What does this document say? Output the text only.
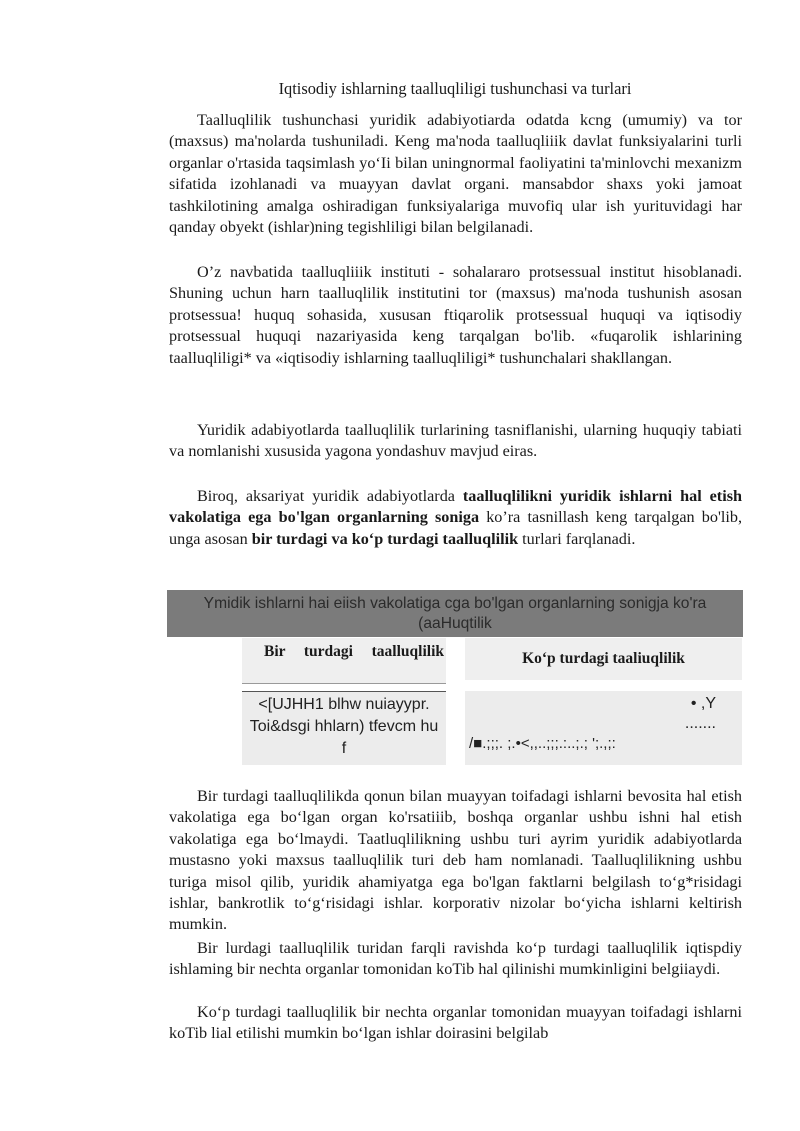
Iqtisodiy ishlarning taalluqliligi tushunchasi va turlari
Taalluqlilik tushunchasi yuridik adabiyotiarda odatda kcng (umumiy) va tor (maxsus) ma'nolarda tushuniladi. Keng ma'noda taalluqliiik davlat funksiyalarini turli organlar o'rtasida taqsimlash yo‘Ii bilan uningnormal faoliyatini ta'minlovchi mexanizm sifatida izohlanadi va muayyan davlat organi. mansabdor shaxs yoki jamoat tashkilotining amalga oshiradigan funksiyalariga muvofiq ular ish yurituvidagi har qanday obyekt (ishlar)ning tegishliligi bilan belgilanadi.
O’z navbatida taalluqliiik instituti - sohalararo protsessual institut hisoblanadi. Shuning uchun harn taalluqlilik institutini tor (maxsus) ma'noda tushunish asosan protsessua! huquq sohasida, xususan ftiqarolik protsessual huquqi va iqtisodiy protsessual huquqi nazariyasida keng tarqalgan bo'lib. «fuqarolik ishlarining taalluqliligi* va «iqtisodiy ishlarning taalluqliligi* tushunchalari shakllangan.
Yuridik adabiyotlarda taalluqlilik turlarining tasniflanishi, ularning huquqiy tabiati va nomlanishi xususida yagona yondashuv mavjud eiras.
Biroq, aksariyat yuridik adabiyotlarda taalluqlilikni yuridik ishlarni hal etish vakolatiga ega bo'lgan organlarning soniga ko’ra tasnillash keng tarqalgan bo'lib, unga asosan bir turdagi va ko‘p turdagi taalluqlilik turlari farqlanadi.
Ymidik ishlarni hai eiish vakolatiga cga bo'lgan organlarning sonigja ko'ra (aaHuqtilik
Bir turdagi taalluqlilik	Ko‘p turdagi taaliuqlilik
<[UJHH1 blhw nuiayypr. Toi&dsgi hhlarn) tfevcm hu f
• ,Y
.......
/■.;;;. ;.•<,,..;;;.:..;.; ';.,;:
Bir turdagi taalluqlilikda qonun bilan muayyan toifadagi ishlarni bevosita hal etish vakolatiga ega bo‘lgan organ ko'rsatiiib, boshqa organlar ushbu ishni hal etish vakolatiga ega bo‘lmaydi. Taatluqlilikning ushbu turi ayrim yuridik adabiyotlarda mustasno yoki maxsus taalluqlilik turi deb ham nomlanadi. Taalluqlilikning ushbu turiga misol qilib, yuridik ahamiyatga ega bo'lgan faktlarni belgilash to‘g*risidagi ishlar, bankrotlik to‘g‘risidagi ishlar. korporativ nizolar bo‘yicha ishlarni keltirish mumkin.
Bir lurdagi taalluqlilik turidan farqli ravishda ko‘p turdagi taalluqlilik iqtispdiy ishlaming bir nechta organlar tomonidan koTib hal qilinishi mumkinligini belgiiaydi.
Ko‘p turdagi taalluqlilik bir nechta organlar tomonidan muayyan toifadagi ishlarni koTib lial etilishi mumkin bo‘lgan ishlar doirasini belgilab
